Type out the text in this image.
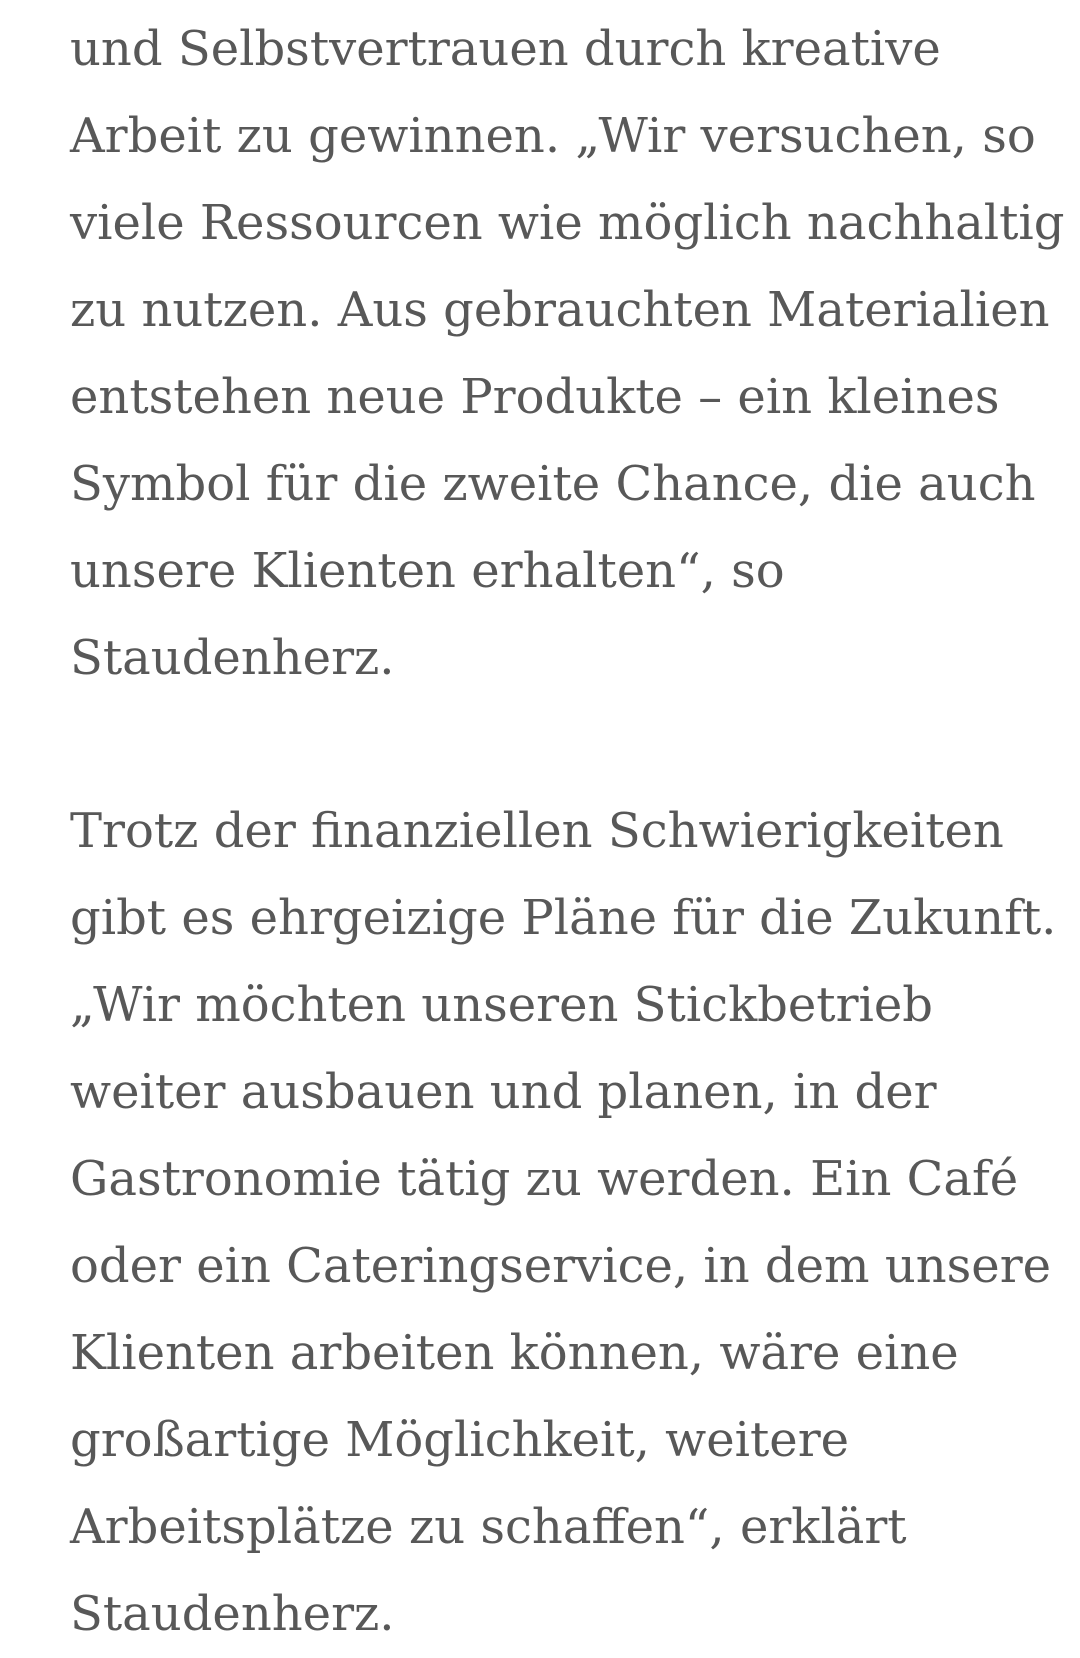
und Selbstvertrauen durch kreative
Arbeit zu gewinnen. „Wir versuchen, so
viele Ressourcen wie möglich nachhaltig
zu nutzen. Aus gebrauchten Materialien
entstehen neue Produkte – ein kleines
Symbol für die zweite Chance, die auch
unsere Klienten erhalten“, so
Staudenherz.
Trotz der finanziellen Schwierigkeiten
gibt es ehrgeizige Pläne für die Zukunft.
„Wir möchten unseren Stickbetrieb
weiter ausbauen und planen, in der
Gastronomie tätig zu werden. Ein Café
oder ein Cateringservice, in dem unsere
Klienten arbeiten können, wäre eine
großartige Möglichkeit, weitere
Arbeitsplätze zu schaffen“, erklärt
Staudenherz.
